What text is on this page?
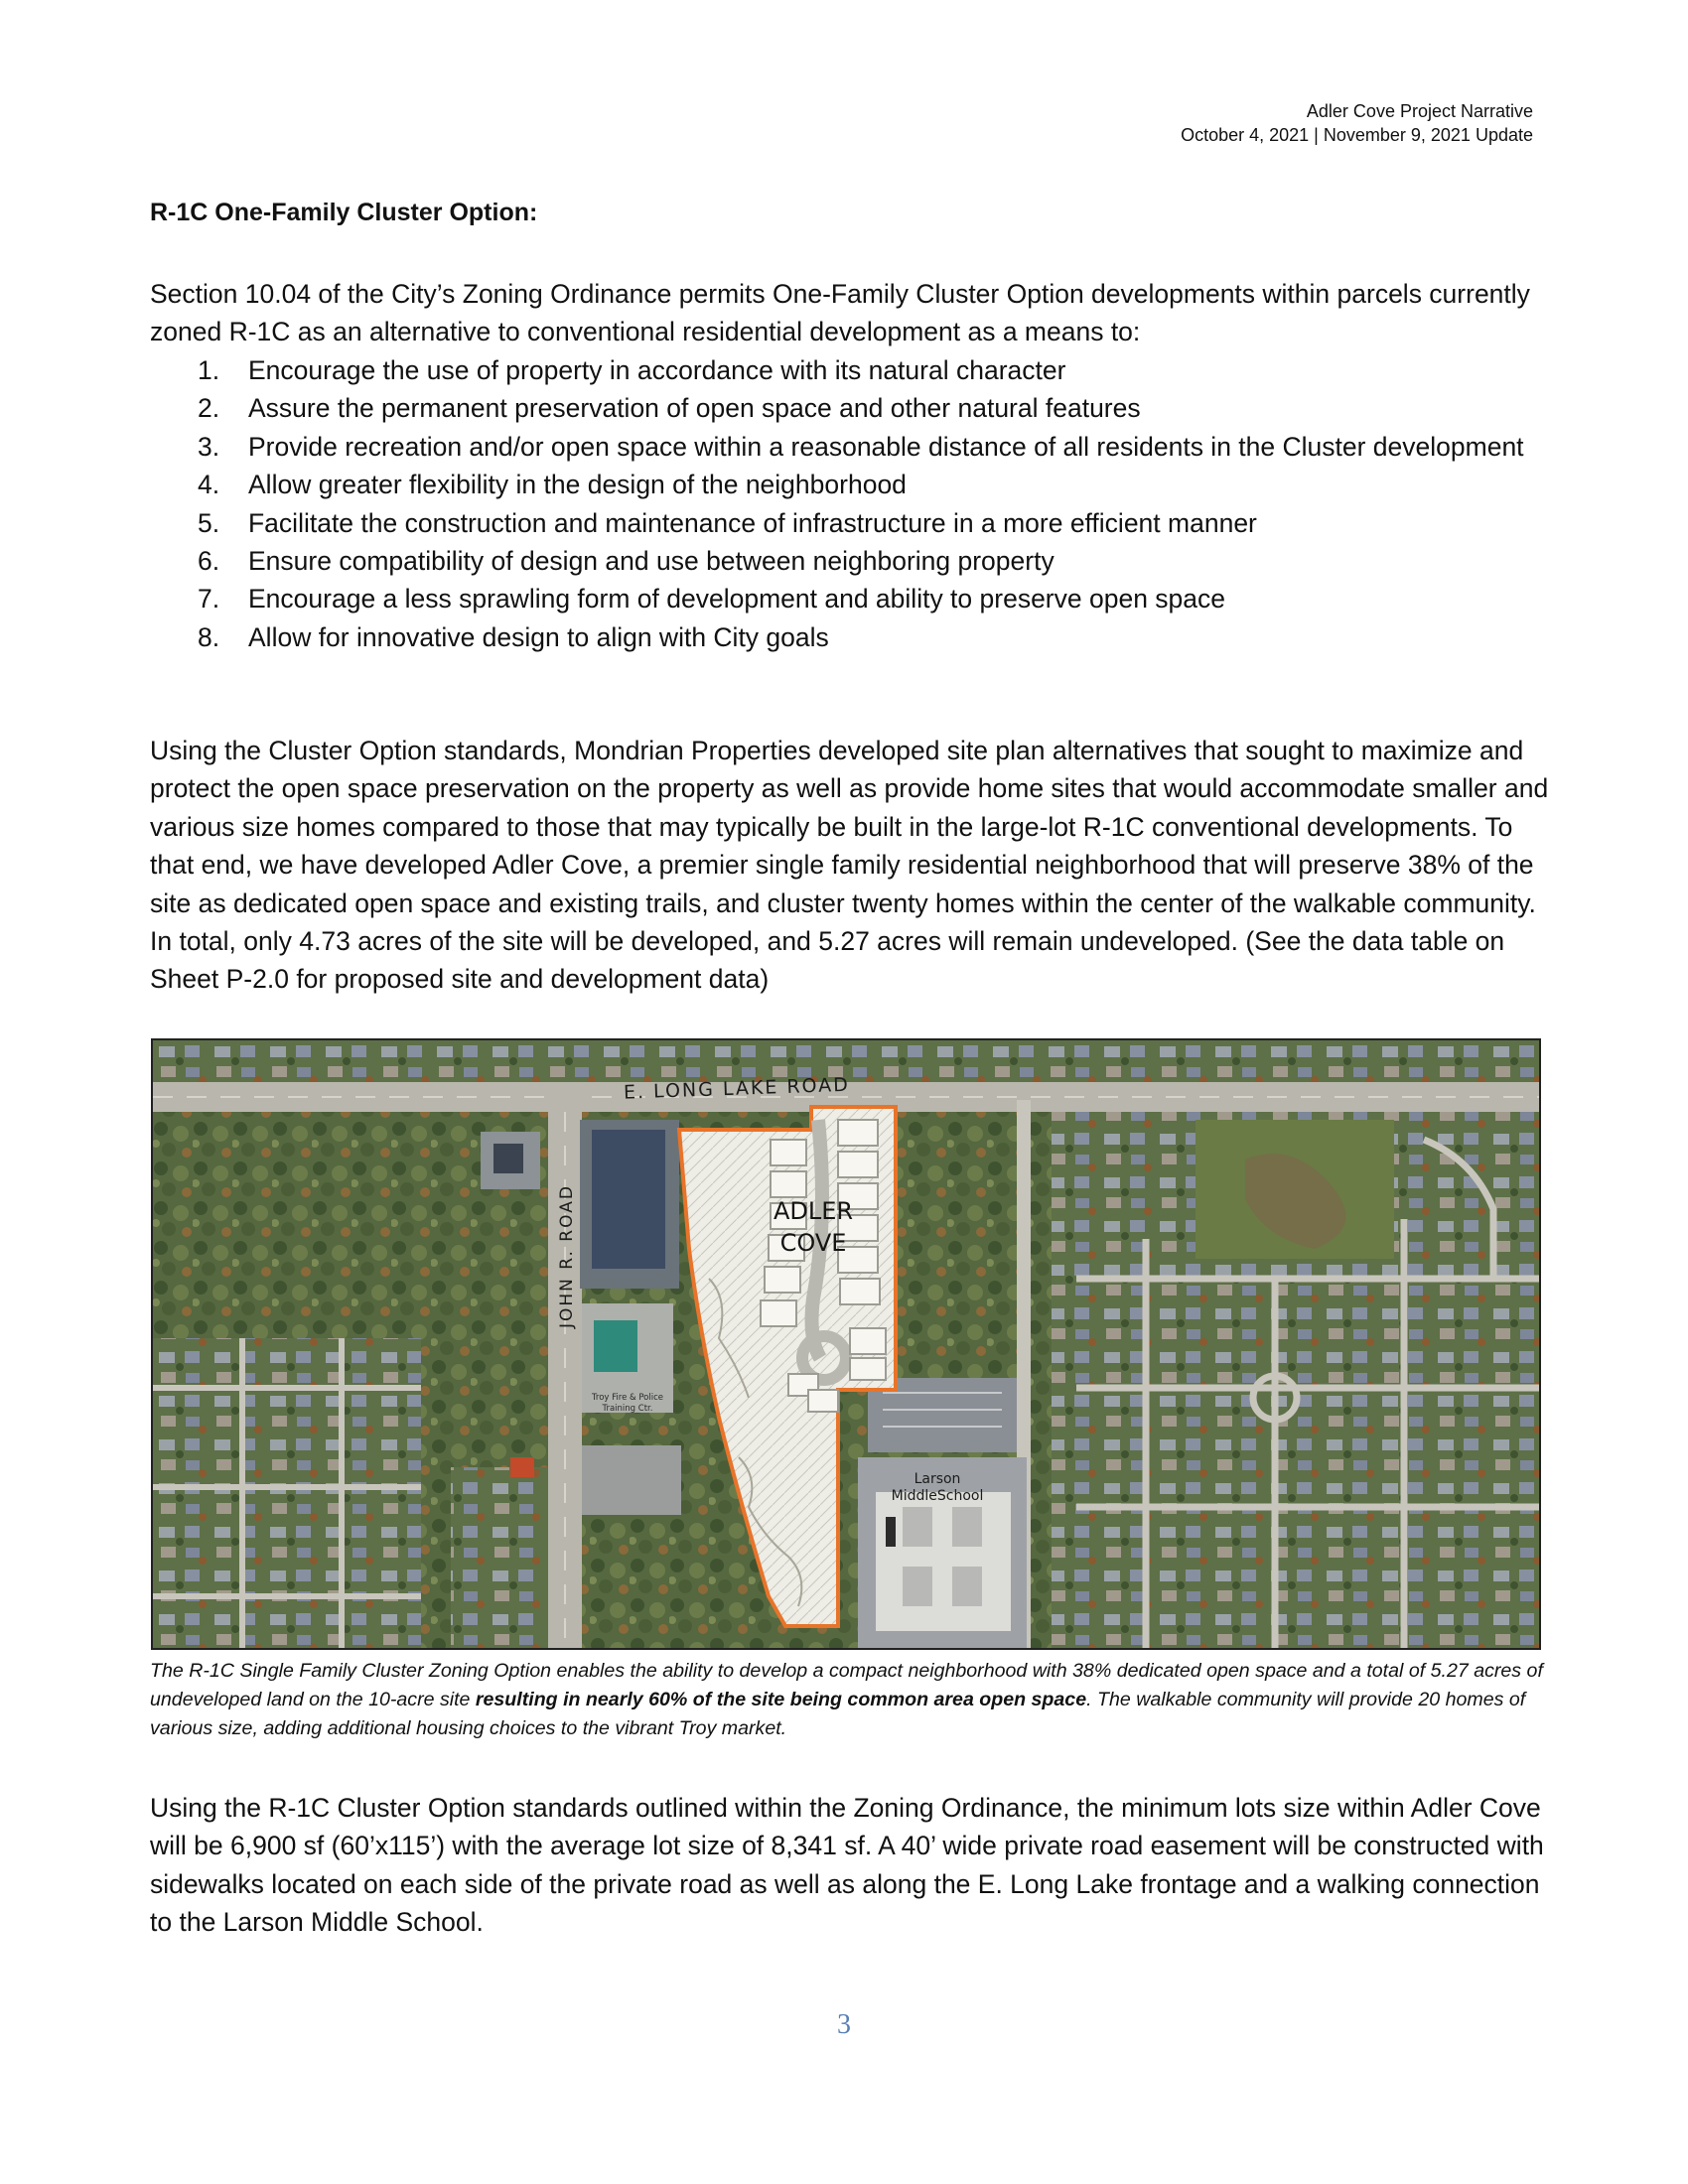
Adler Cove Project Narrative
October 4, 2021 | November 9, 2021 Update
R-1C One-Family Cluster Option:

Section 10.04 of the City’s Zoning Ordinance permits One-Family Cluster Option developments within parcels currently zoned R-1C as an alternative to conventional residential development as a means to:

1. Encourage the use of property in accordance with its natural character
2. Assure the permanent preservation of open space and other natural features
3. Provide recreation and/or open space within a reasonable distance of all residents in the Cluster development
4. Allow greater flexibility in the design of the neighborhood
5. Facilitate the construction and maintenance of infrastructure in a more efficient manner
6. Ensure compatibility of design and use between neighboring property
7. Encourage a less sprawling form of development and ability to preserve open space
8. Allow for innovative design to align with City goals

Using the Cluster Option standards, Mondrian Properties developed site plan alternatives that sought to maximize and protect the open space preservation on the property as well as provide home sites that would accommodate smaller and various size homes compared to those that may typically be built in the large-lot R-1C conventional developments. To that end, we have developed Adler Cove, a premier single family residential neighborhood that will preserve 38% of the site as dedicated open space and existing trails, and cluster twenty homes within the center of the walkable community. In total, only 4.73 acres of the site will be developed, and 5.27 acres will remain undeveloped. (See the data table on Sheet P-2.0 for proposed site and development data)

E. LONG LAKE ROAD
JOHN R. ROAD	ADLER
COVE
Troy Fire & Police
Training Ctr.
Larson
MiddleSchool

The R-1C Single Family Cluster Zoning Option enables the ability to develop a compact neighborhood with 38% dedicated open space and a total of 5.27 acres of undeveloped land on the 10-acre site resulting in nearly 60% of the site being common area open space. The walkable community will provide 20 homes of various size, adding additional housing choices to the vibrant Troy market.

Using the R-1C Cluster Option standards outlined within the Zoning Ordinance, the minimum lots size within Adler Cove will be 6,900 sf (60’x115’) with the average lot size of 8,341 sf. A 40’ wide private road easement will be constructed with sidewalks located on each side of the private road as well as along the E. Long Lake frontage and a walking connection to the Larson Middle School.

3
